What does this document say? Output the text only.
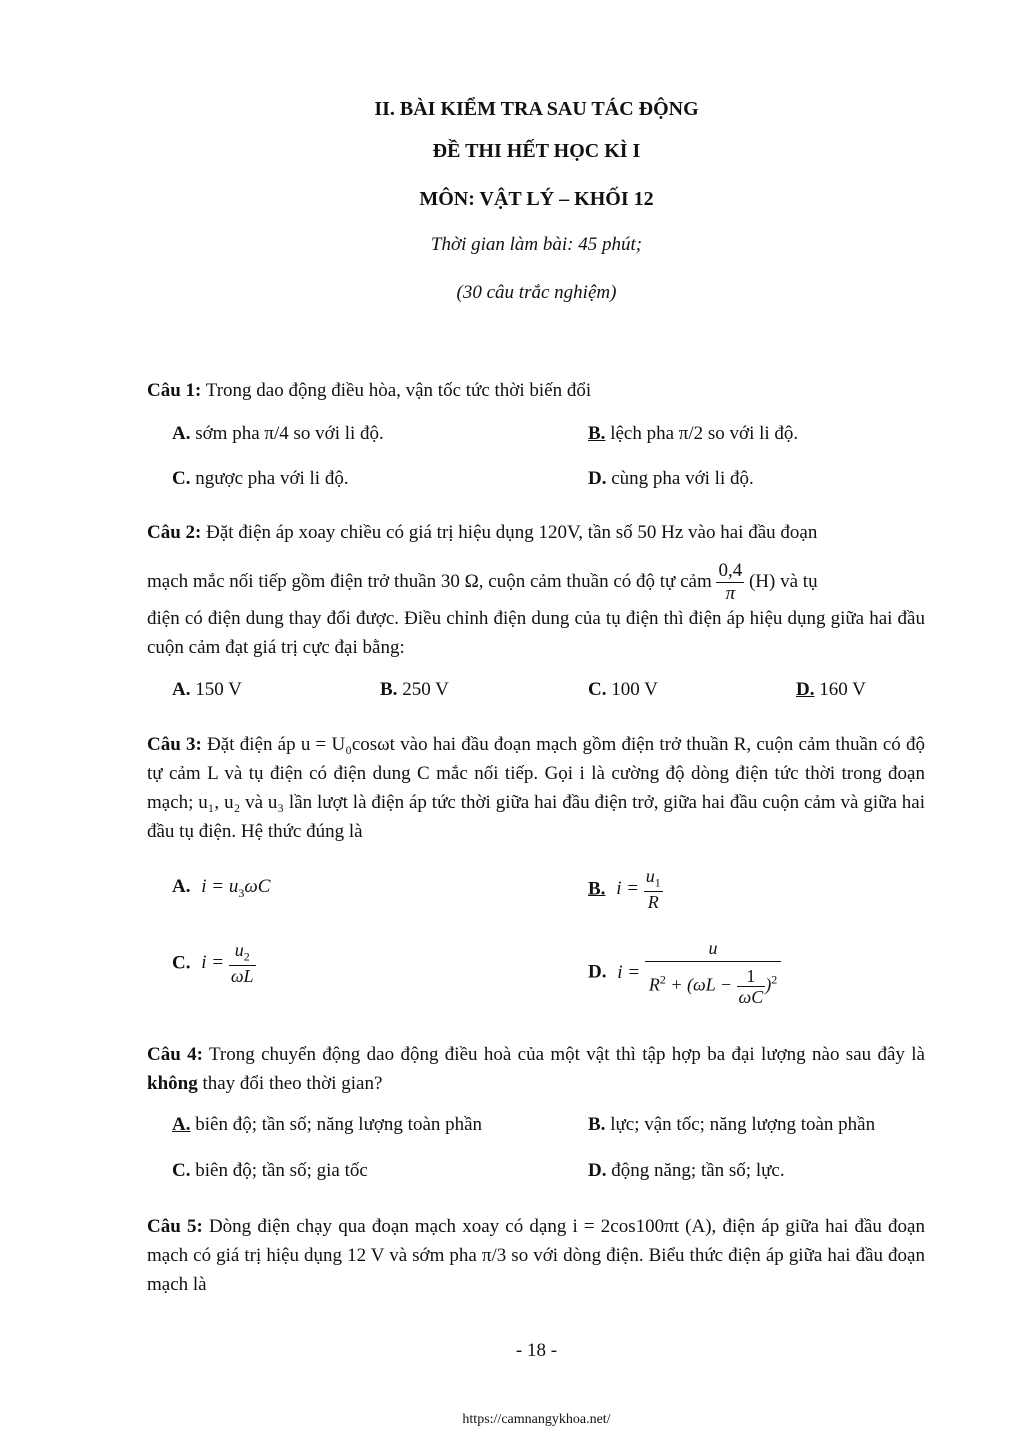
II. BÀI KIỂM TRA SAU TÁC ĐỘNG
ĐỀ THI HẾT HỌC KÌ I
MÔN: VẬT LÝ – KHỐI 12
Thời gian làm bài: 45 phút;
(30 câu trắc nghiệm)
Câu 1: Trong dao động điều hòa, vận tốc tức thời biến đổi
A. sớm pha π/4 so với li độ.	B. lệch pha π/2 so với li độ.
C. ngược pha với li độ.	D. cùng pha với li độ.
Câu 2: Đặt điện áp xoay chiều có giá trị hiệu dụng 120V, tần số 50 Hz vào hai đầu đoạn
mạch mắc nối tiếp gồm điện trở thuần 30 Ω, cuộn cảm thuần có độ tự cảm $\frac{0,4}{\pi} (H)$ và tụ
điện có điện dung thay đổi được. Điều chỉnh điện dung của tụ điện thì điện áp hiệu dụng giữa hai đầu cuộn cảm đạt giá trị cực đại bằng:
A. 150 V	B. 250 V	C. 100 V	D. 160 V
Câu 3: Đặt điện áp u = U₀cosωt vào hai đầu đoạn mạch gồm điện trở thuần R, cuộn cảm thuần có độ tự cảm L và tụ điện có điện dung C mắc nối tiếp. Gọi i là cường độ dòng điện tức thời trong đoạn mạch; u₁, u₂ và u₃ lần lượt là điện áp tức thời giữa hai đầu điện trở, giữa hai đầu cuộn cảm và giữa hai đầu tụ điện. Hệ thức đúng là
A. $i = u_3\omega C$	B. $i = \frac{u_1}{R}$
C. $i = \frac{u_2}{\omega L}$	D. $i = \frac{u}{R^2 + (\omega L - \frac{1}{\omega C} )^2}$
Câu 4: Trong chuyển động dao động điều hoà của một vật thì tập hợp ba đại lượng nào sau đây là không thay đổi theo thời gian?
A. biên độ; tần số; năng lượng toàn phần	B. lực; vận tốc; năng lượng toàn phần
C. biên độ; tần số; gia tốc	D. động năng; tần số; lực.
Câu 5: Dòng điện chạy qua đoạn mạch xoay có dạng i = 2cos100πt (A), điện áp giữa hai đầu đoạn mạch có giá trị hiệu dụng 12 V và sớm pha π/3 so với dòng điện. Biểu thức điện áp giữa hai đầu đoạn mạch là
- 18 -
https://camnangykhoa.net/
